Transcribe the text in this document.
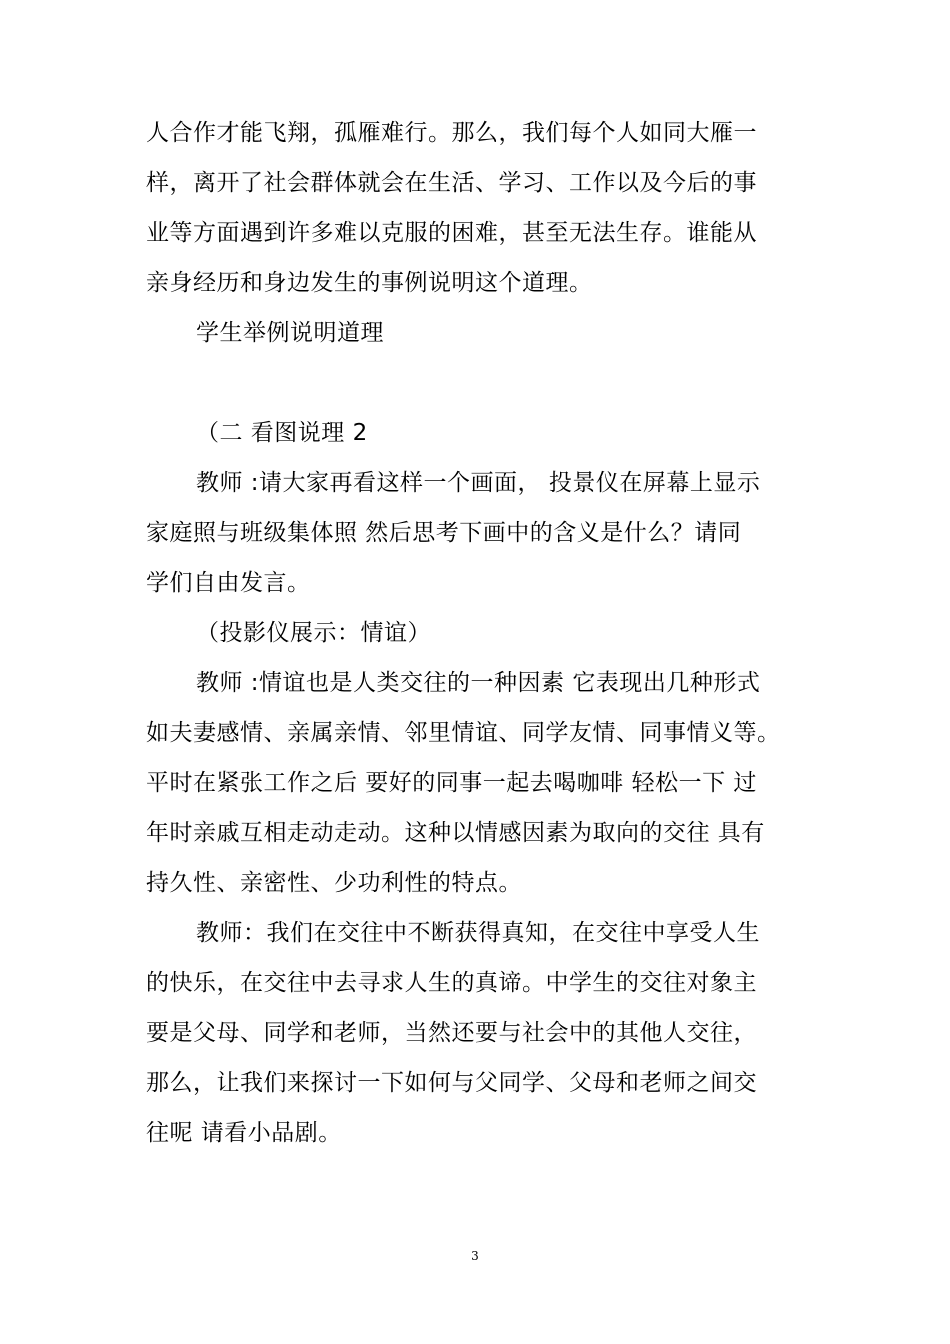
人合作才能飞翔，孤雁难行。那么，我们每个人如同大雁一
样，离开了社会群体就会在生活、学习、工作以及今后的事
业等方面遇到许多难以克服的困难，甚至无法生存。谁能从
亲身经历和身边发生的事例说明这个道理。
学生举例说明道理
（二 看图说理 2
教师 :请大家再看这样一个画面， 投景仪在屏幕上显示
家庭照与班级集体照 然后思考下画中的含义是什么？请同
学们自由发言。
（投影仪展示：情谊）
教师 :情谊也是人类交往的一种因素 它表现出几种形式
如夫妻感情、亲属亲情、邻里情谊、同学友情、同事情义等。
平时在紧张工作之后 要好的同事一起去喝咖啡 轻松一下 过
年时亲戚互相走动走动。这种以情感因素为取向的交往 具有
持久性、亲密性、少功利性的特点。
教师：我们在交往中不断获得真知，在交往中享受人生
的快乐，在交往中去寻求人生的真谛。中学生的交往对象主
要是父母、同学和老师，当然还要与社会中的其他人交往，
那么，让我们来探讨一下如何与父同学、父母和老师之间交
往呢 请看小品剧。
3
